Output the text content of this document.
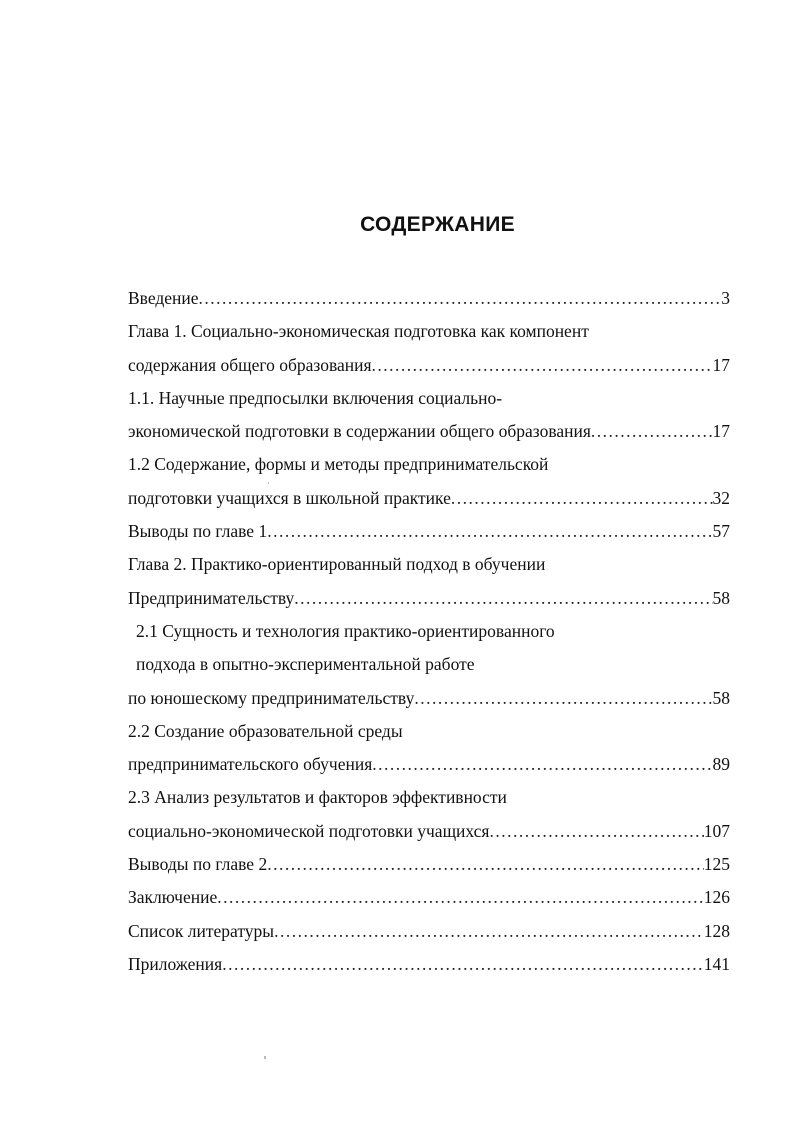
СОДЕРЖАНИЕ
Введение .....	3
Глава 1. Социально-экономическая подготовка как компонент
содержания общего образования .....	17
1.1. Научные предпосылки включения социально-
экономической подготовки в содержании общего образования .....	17
1.2 Содержание, формы и методы предпринимательской
подготовки учащихся в школьной практике .....	32
Выводы по главе 1 .....	57
Глава 2. Практико-ориентированный подход в обучении
Предпринимательству .....	58
2.1 Сущность и технология практико-ориентированного
подхода в опытно-экспериментальной работе
по юношескому предпринимательству .....	58
2.2 Создание образовательной среды
предпринимательского обучения .....	89
2.3 Анализ результатов и факторов эффективности
социально-экономической подготовки учащихся .....	107
Выводы по главе 2 .....	125
Заключение .....	126
Список литературы .....	128
Приложения .....	141
